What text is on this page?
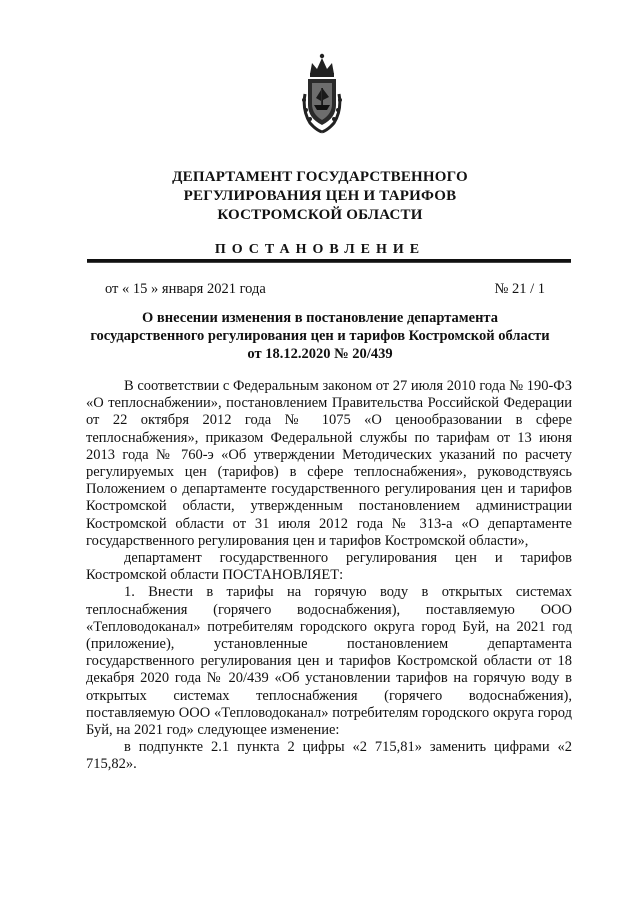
ДЕПАРТАМЕНТ ГОСУДАРСТВЕННОГО
РЕГУЛИРОВАНИЯ ЦЕН И ТАРИФОВ
КОСТРОМСКОЙ ОБЛАСТИ
ПОСТАНОВЛЕНИЕ
от « 15 » января 2021 года	№ 21 / 1
О внесении изменения в постановление департамента
государственного регулирования цен и тарифов Костромской области
от 18.12.2020 № 20/439

В соответствии с Федеральным законом от 27 июля 2010 года № 190-ФЗ «О теплоснабжении», постановлением Правительства Российской Федерации от 22 октября 2012 года № 1075 «О ценообразовании в сфере теплоснабжения», приказом Федеральной службы по тарифам от 13 июня 2013 года № 760-э «Об утверждении Методических указаний по расчету регулируемых цен (тарифов) в сфере теплоснабжения», руководствуясь Положением о департаменте государственного регулирования цен и тарифов Костромской области, утвержденным постановлением администрации Костромской области от 31 июля 2012 года № 313-а «О департаменте государственного регулирования цен и тарифов Костромской области»,

департамент государственного регулирования цен и тарифов Костромской области ПОСТАНОВЛЯЕТ:

1. Внести в тарифы на горячую воду в открытых системах теплоснабжения (горячего водоснабжения), поставляемую ООО «Тепловодоканал» потребителям городского округа город Буй, на 2021 год (приложение), установленные постановлением департамента государственного регулирования цен и тарифов Костромской области от 18 декабря 2020 года № 20/439 «Об установлении тарифов на горячую воду в открытых системах теплоснабжения (горячего водоснабжения), поставляемую ООО «Тепловодоканал» потребителям городского округа город Буй, на 2021 год» следующее изменение:

в подпункте 2.1 пункта 2 цифры «2 715,81» заменить цифрами «2 715,82».
